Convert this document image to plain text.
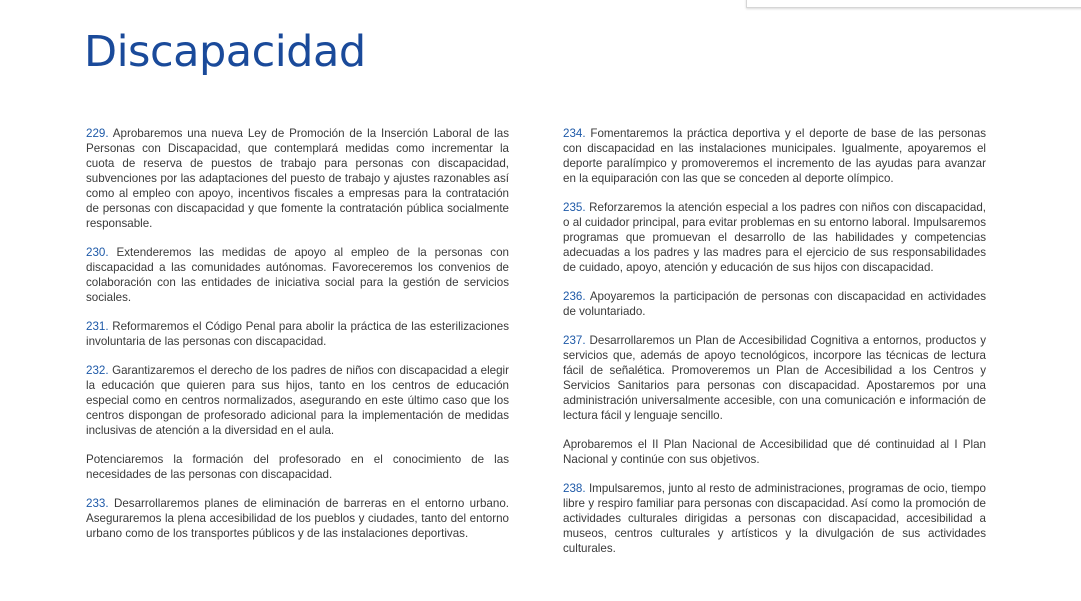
Discapacidad

229. Aprobaremos una nueva Ley de Promoción de la Inserción Laboral de las Personas con Discapacidad, que contemplará medidas como incrementar la cuota de reserva de puestos de trabajo para personas con discapacidad, subvenciones por las adaptaciones del puesto de trabajo y ajustes razonables así como al empleo con apoyo, incentivos fiscales a empresas para la contratación de personas con discapacidad y que fomente la contratación pública socialmente responsable.

230. Extenderemos las medidas de apoyo al empleo de la personas con discapacidad a las comunidades autónomas. Favoreceremos los convenios de colaboración con las entidades de iniciativa social para la gestión de servicios sociales.

231. Reformaremos el Código Penal para abolir la práctica de las esterilizaciones involuntaria de las personas con discapacidad.

232. Garantizaremos el derecho de los padres de niños con discapacidad a elegir la educación que quieren para sus hijos, tanto en los centros de educación especial como en centros normalizados, asegurando en este último caso que los centros dispongan de profesorado adicional para la implementación de medidas inclusivas de atención a la diversidad en el aula.

Potenciaremos la formación del profesorado en el conocimiento de las necesidades de las personas con discapacidad.

233. Desarrollaremos planes de eliminación de barreras en el entorno urbano. Aseguraremos la plena accesibilidad de los pueblos y ciudades, tanto del entorno urbano como de los transportes públicos y de las instalaciones deportivas.

234. Fomentaremos la práctica deportiva y el deporte de base de las personas con discapacidad en las instalaciones municipales. Igualmente, apoyaremos el deporte paralímpico y promoveremos el incremento de las ayudas para avanzar en la equiparación con las que se conceden al deporte olímpico.

235. Reforzaremos la atención especial a los padres con niños con discapacidad, o al cuidador principal, para evitar problemas en su entorno laboral. Impulsaremos programas que promuevan el desarrollo de las habilidades y competencias adecuadas a los padres y las madres para el ejercicio de sus responsabilidades de cuidado, apoyo, atención y educación de sus hijos con discapacidad.

236. Apoyaremos la participación de personas con discapacidad en actividades de voluntariado.

237. Desarrollaremos un Plan de Accesibilidad Cognitiva a entornos, productos y servicios que, además de apoyo tecnológicos, incorpore las técnicas de lectura fácil de señalética. Promoveremos un Plan de Accesibilidad a los Centros y Servicios Sanitarios para personas con discapacidad. Apostaremos por una administración universalmente accesible, con una comunicación e información de lectura fácil y lenguaje sencillo.

Aprobaremos el II Plan Nacional de Accesibilidad que dé continuidad al I Plan Nacional y continúe con sus objetivos.

238. Impulsaremos, junto al resto de administraciones, programas de ocio, tiempo libre y respiro familiar para personas con discapacidad. Así como la promoción de actividades culturales dirigidas a personas con discapacidad, accesibilidad a museos, centros culturales y artísticos y la divulgación de sus actividades culturales.
